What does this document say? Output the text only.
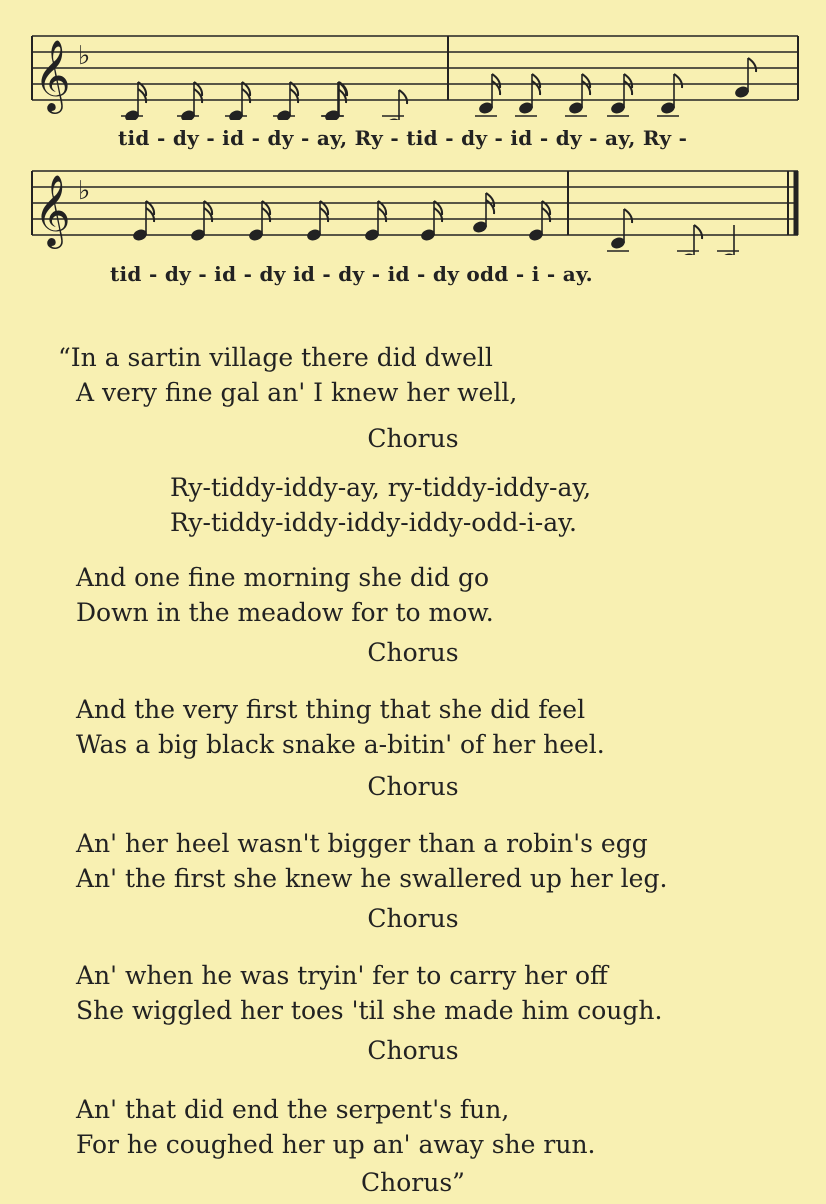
𝄞 ♭
tid - dy - id - dy - ay, Ry - tid - dy - id - dy - ay, Ry -
𝄞 ♭
tid - dy - id - dy id - dy - id - dy odd - i - ay.
“In a sartin village there did dwell
A very fine gal an' I knew her well,
Chorus
Ry-tiddy-iddy-ay, ry-tiddy-iddy-ay,
Ry-tiddy-iddy-iddy-iddy-odd-i-ay.
And one fine morning she did go
Down in the meadow for to mow.
Chorus
And the very first thing that she did feel
Was a big black snake a-bitin' of her heel.
Chorus
An' her heel wasn't bigger than a robin's egg
An' the first she knew he swallered up her leg.
Chorus
An' when he was tryin' fer to carry her off
She wiggled her toes 'til she made him cough.
Chorus
An' that did end the serpent's fun,
For he coughed her up an' away she run.
Chorus”
